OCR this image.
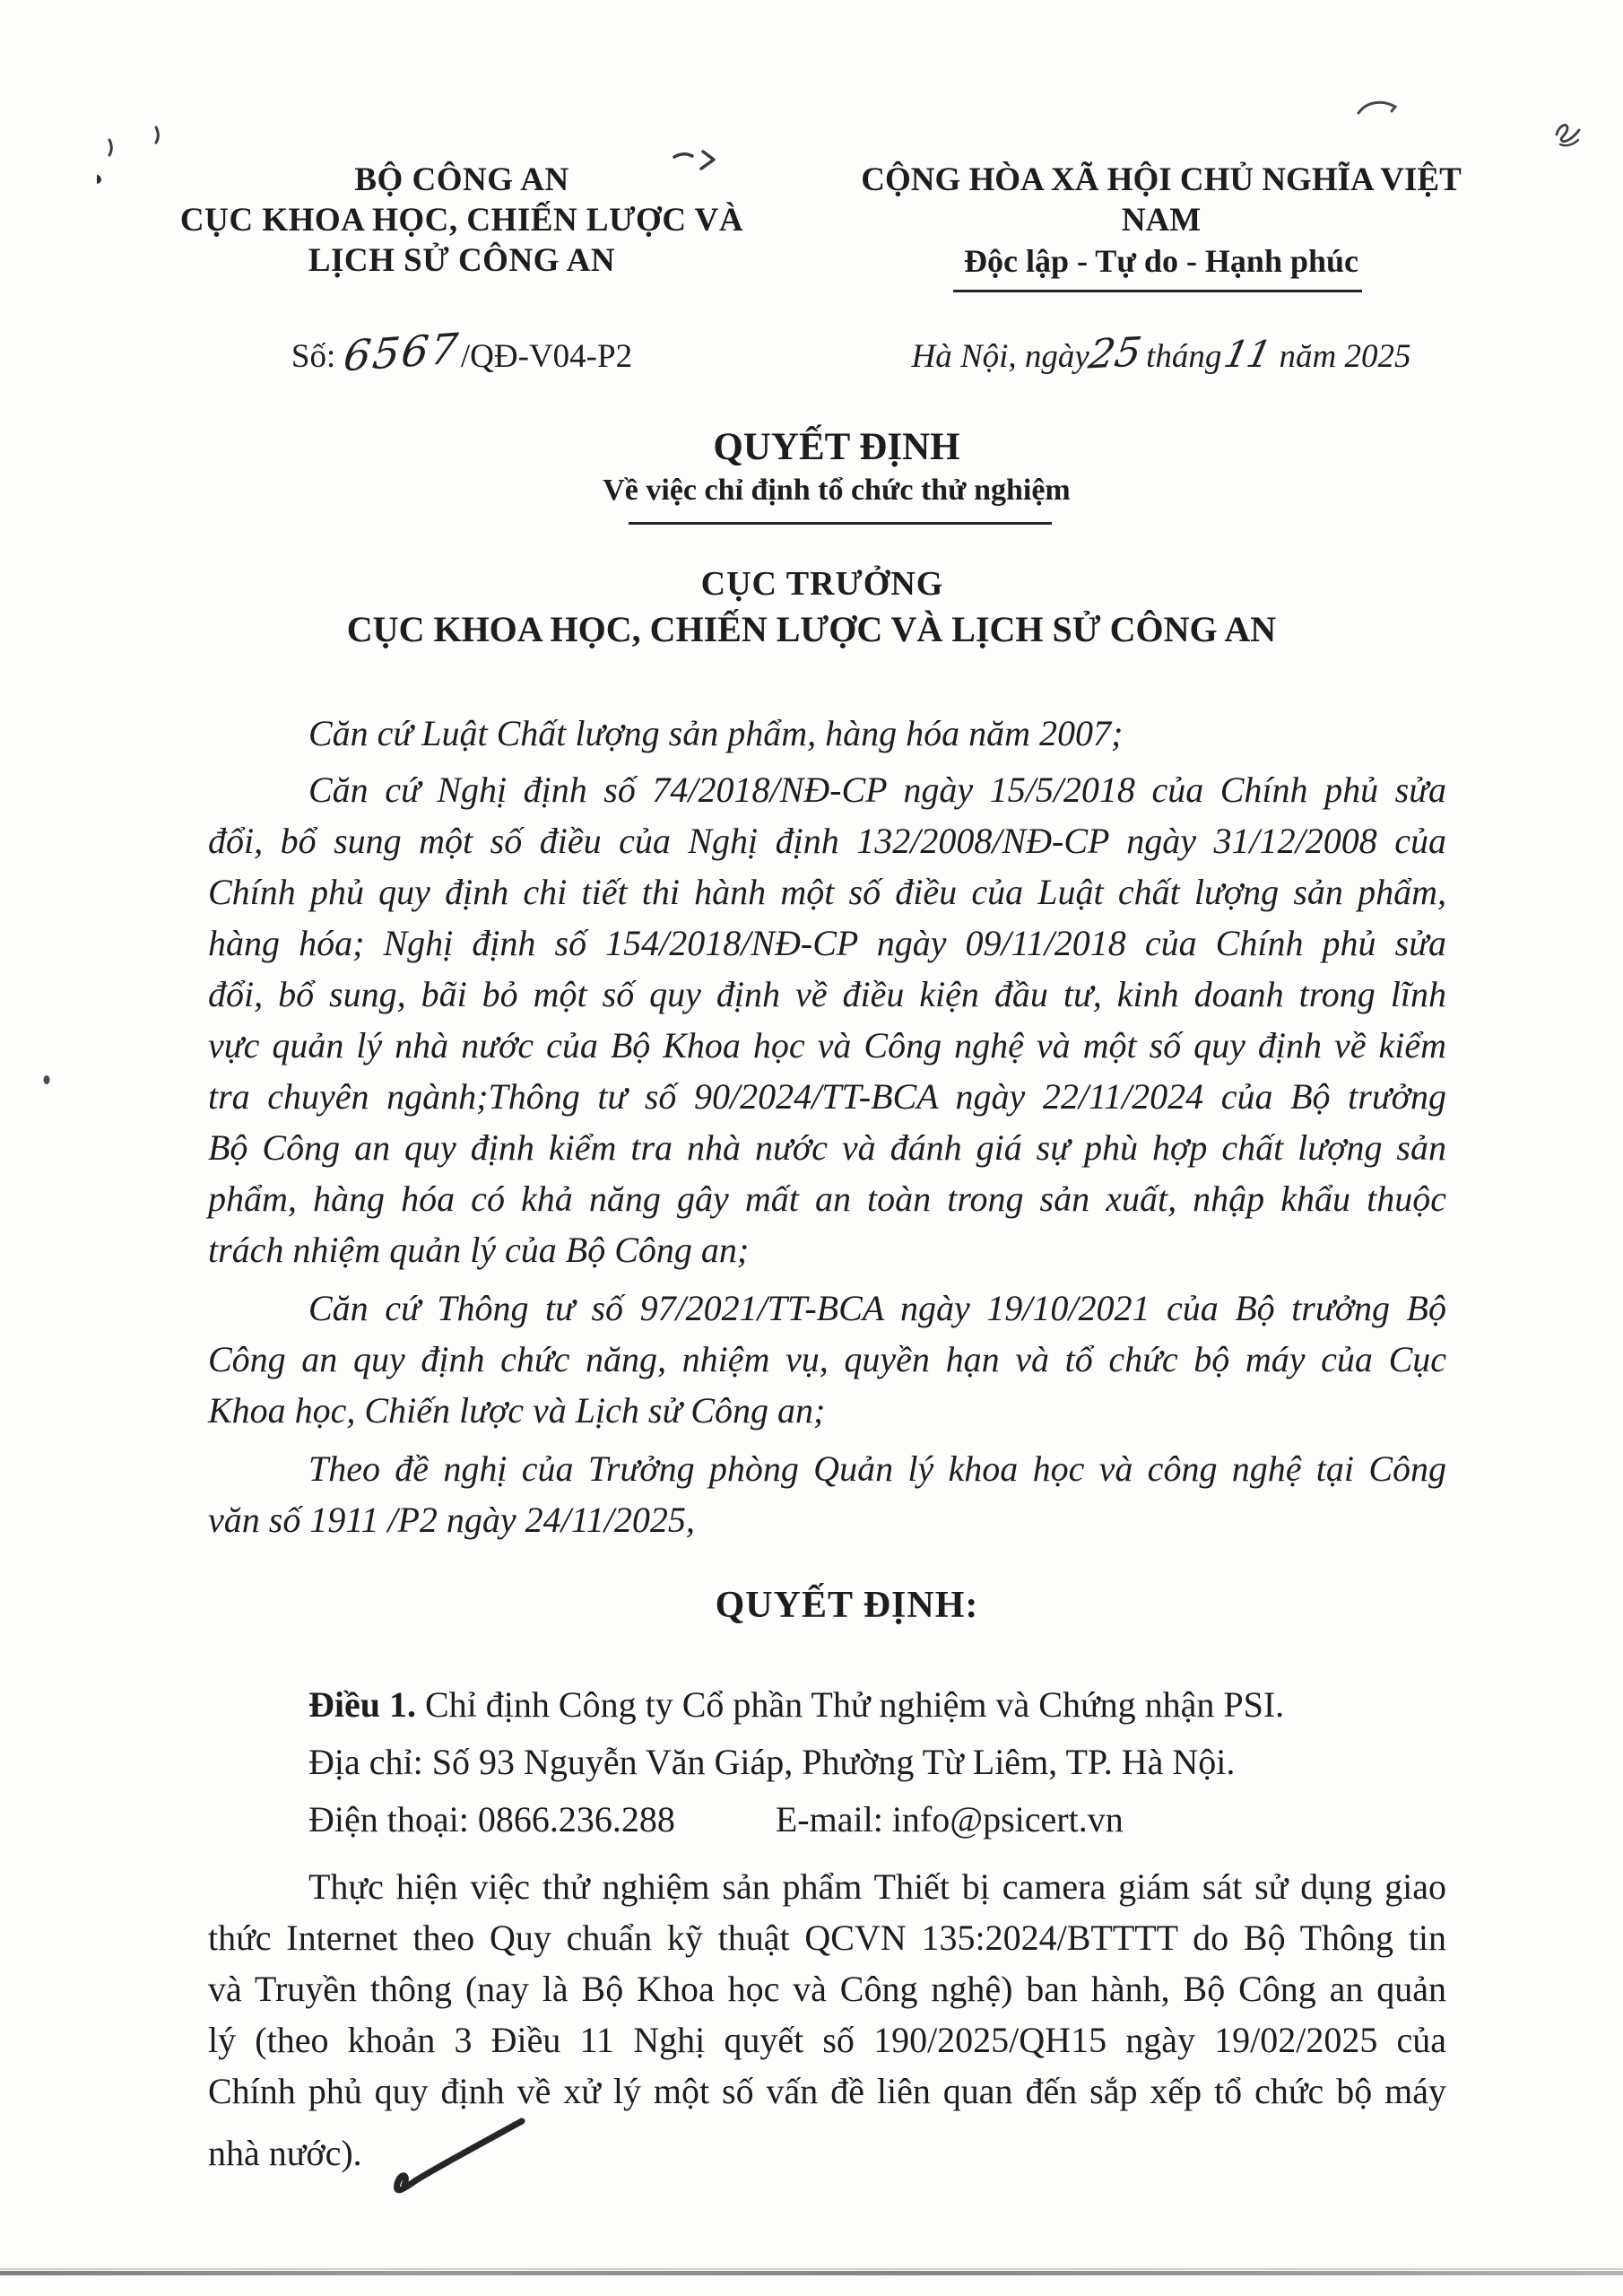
BỘ CÔNG AN
CỤC KHOA HỌC, CHIẾN LƯỢC VÀ
LỊCH SỬ CÔNG AN
CỘNG HÒA XÃ HỘI CHỦ NGHĨA VIỆT NAM
Độc lập - Tự do - Hạnh phúc
Số: 6567/QĐ-V04-P2	Hà Nội, ngày25tháng11 năm 2025
QUYẾT ĐỊNH
Về việc chỉ định tổ chức thử nghiệm
CỤC TRƯỞNG
CỤC KHOA HỌC, CHIẾN LƯỢC VÀ LỊCH SỬ CÔNG AN
Căn cứ Luật Chất lượng sản phẩm, hàng hóa năm 2007;
Căn cứ Nghị định số 74/2018/NĐ-CP ngày 15/5/2018 của Chính phủ sửa
đổi, bổ sung một số điều của Nghị định 132/2008/NĐ-CP ngày 31/12/2008 của
Chính phủ quy định chi tiết thi hành một số điều của Luật chất lượng sản phẩm,
hàng hóa; Nghị định số 154/2018/NĐ-CP ngày 09/11/2018 của Chính phủ sửa
đổi, bổ sung, bãi bỏ một số quy định về điều kiện đầu tư, kinh doanh trong lĩnh
vực quản lý nhà nước của Bộ Khoa học và Công nghệ và một số quy định về kiểm
tra chuyên ngành;Thông tư số 90/2024/TT-BCA ngày 22/11/2024 của Bộ trưởng
Bộ Công an quy định kiểm tra nhà nước và đánh giá sự phù hợp chất lượng sản
phẩm, hàng hóa có khả năng gây mất an toàn trong sản xuất, nhập khẩu thuộc
trách nhiệm quản lý của Bộ Công an;
Căn cứ Thông tư số 97/2021/TT-BCA ngày 19/10/2021 của Bộ trưởng Bộ
Công an quy định chức năng, nhiệm vụ, quyền hạn và tổ chức bộ máy của Cục
Khoa học, Chiến lược và Lịch sử Công an;
Theo đề nghị của Trưởng phòng Quản lý khoa học và công nghệ tại Công
văn số 1911 /P2 ngày 24/11/2025,
QUYẾT ĐỊNH:
Điều 1. Chỉ định Công ty Cổ phần Thử nghiệm và Chứng nhận PSI.
Địa chỉ: Số 93 Nguyễn Văn Giáp, Phường Từ Liêm, TP. Hà Nội.
Điện thoại: 0866.236.288	E-mail: info@psicert.vn
Thực hiện việc thử nghiệm sản phẩm Thiết bị camera giám sát sử dụng giao
thức Internet theo Quy chuẩn kỹ thuật QCVN 135:2024/BTTTT do Bộ Thông tin
và Truyền thông (nay là Bộ Khoa học và Công nghệ) ban hành, Bộ Công an quản
lý (theo khoản 3 Điều 11 Nghị quyết số 190/2025/QH15 ngày 19/02/2025 của
Chính phủ quy định về xử lý một số vấn đề liên quan đến sắp xếp tổ chức bộ máy
nhà nước).
